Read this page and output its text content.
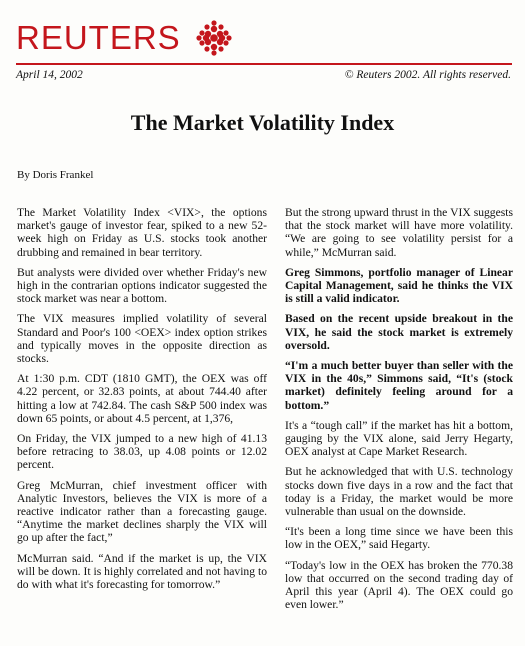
REUTERS
April 14, 2002	© Reuters 2002. All rights reserved.
The Market Volatility Index
By Doris Frankel

The Market Volatility Index <VIX>, the options market's gauge of investor fear, spiked to a new 52-week high on Friday as U.S. stocks took another drubbing and remained in bear territory.

But analysts were divided over whether Friday's new high in the contrarian options indicator suggested the stock market was near a bottom.

The VIX measures implied volatility of several Standard and Poor's 100 <OEX> index option strikes and typically moves in the opposite direction as stocks.

At 1:30 p.m. CDT (1810 GMT), the OEX was off 4.22 percent, or 32.83 points, at about 744.40 after hitting a low at 742.84. The cash S&P 500 index was down 65 points, or about 4.5 percent, at 1,376,

On Friday, the VIX jumped to a new high of 41.13 before retracing to 38.03, up 4.08 points or 12.02 percent.

Greg McMurran, chief investment officer with Analytic Investors, believes the VIX is more of a reactive indicator rather than a forecasting gauge. “Anytime the market declines sharply the VIX will go up after the fact,”

McMurran said. “And if the market is up, the VIX will be down. It is highly correlated and not having to do with what it's forecasting for tomorrow.”

But the strong upward thrust in the VIX suggests that the stock market will have more volatility. “We are going to see volatility persist for a while,” McMurran said.

Greg Simmons, portfolio manager of Linear Capital Management, said he thinks the VIX is still a valid indicator.

Based on the recent upside breakout in the VIX, he said the stock market is extremely oversold.

“I'm a much better buyer than seller with the VIX in the 40s,” Simmons said, “It's (stock market) definitely feeling around for a bottom.”

It's a “tough call” if the market has hit a bottom, gauging by the VIX alone, said Jerry Hegarty, OEX analyst at Cape Market Research.

But he acknowledged that with U.S. technology stocks down five days in a row and the fact that today is a Friday, the market would be more vulnerable than usual on the downside.

“It's been a long time since we have been this low in the OEX,” said Hegarty.

“Today's low in the OEX has broken the 770.38 low that occurred on the second trading day of April this year (April 4). The OEX could go even lower.”
